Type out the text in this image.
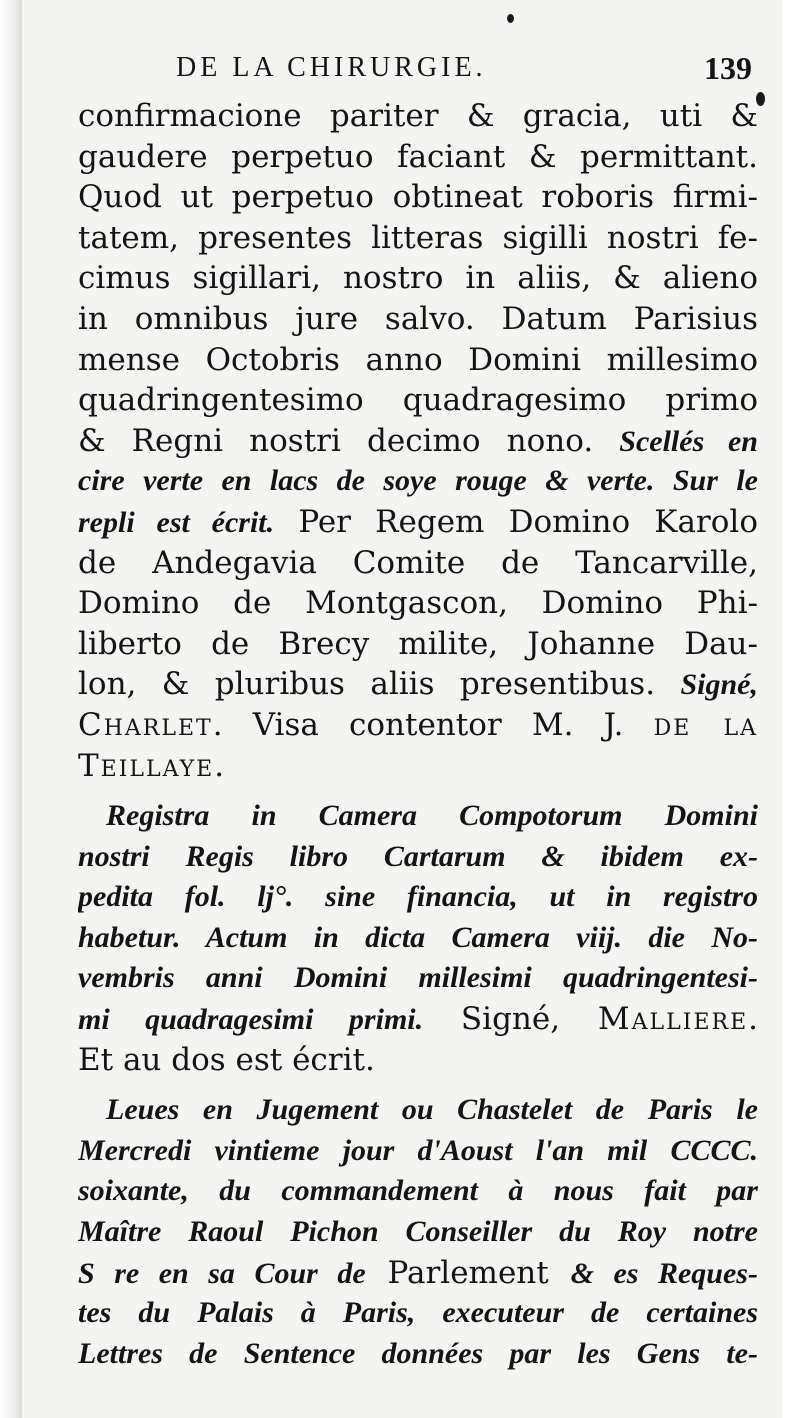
DE LA CHIRURGIE.	139
confirmacione pariter & gracia, uti &
gaudere perpetuo faciant & permittant.
Quod ut perpetuo obtineat roboris firmi-
tatem, presentes litteras sigilli nostri fe-
cimus sigillari, nostro in aliis, & alieno
in omnibus jure salvo. Datum Parisius
mense Octobris anno Domini millesimo
quadringentesimo quadragesimo primo
& Regni nostri decimo nono. Scellés en
cire verte en lacs de soye rouge & verte. Sur le
repli est écrit. Per Regem Domino Karolo
de Andegavia Comite de Tancarville,
Domino de Montgascon, Domino Phi-
liberto de Brecy milite, Johanne Dau-
lon, & pluribus aliis presentibus. Signé,
Charlet. Visa contentor M. J. de la
Teillaye.
Registra in Camera Compotorum Domini
nostri Regis libro Cartarum & ibidem ex-
pedita fol. lj°. sine financia, ut in registro
habetur. Actum in dicta Camera viij. die No-
vembris anni Domini millesimi quadringentesi-
mi quadragesimi primi. Signé, Malliere.
Et au dos est écrit.
Leues en Jugement ou Chastelet de Paris le
Mercredi vintieme jour d'Aoust l'an mil CCCC.
soixante, du commandement à nous fait par
Maître Raoul Pichon Conseiller du Roy notre
S re en sa Cour de Parlement & es Reques-
tes du Palais à Paris, executeur de certaines
Lettres de Sentence données par les Gens te-
